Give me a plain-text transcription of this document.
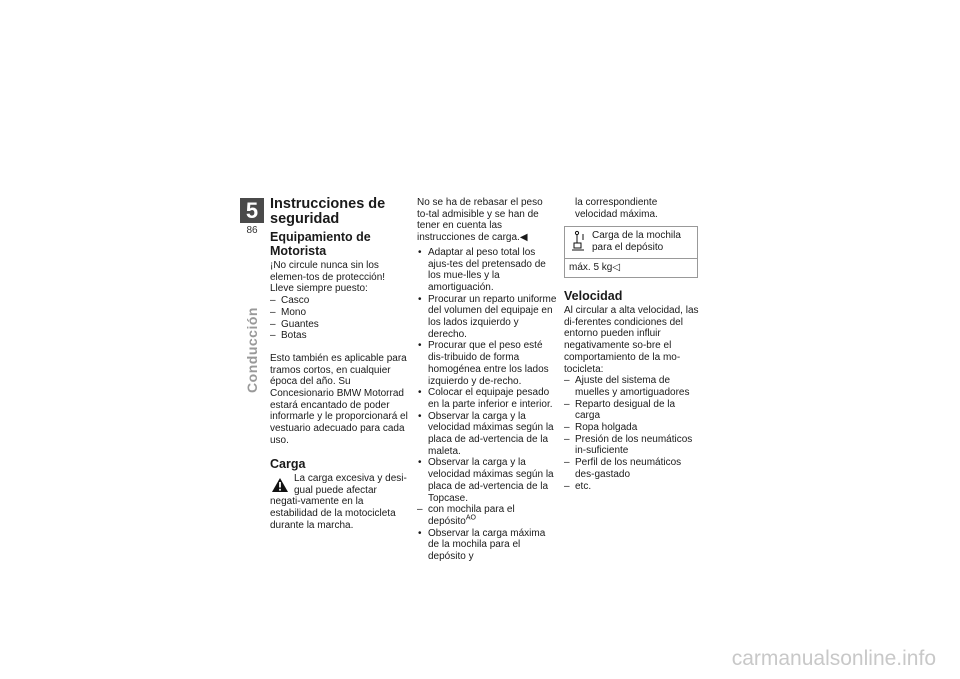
5
86
Conducción
Instrucciones de seguridad
Equipamiento de Motorista

¡No circule nunca sin los elemen-tos de protección! Lleve siempre puesto:

– Casco
– Mono
– Guantes
– Botas

Esto también es aplicable para tramos cortos, en cualquier época del año. Su Concesionario BMW Motorrad estará encantado de poder informarle y le proporcionará el vestuario adecuado para cada uso.

Carga

La carga excesiva y desi-gual puede afectar negati-vamente en la estabilidad de la motocicleta durante la marcha.

No se ha de rebasar el peso to-tal admisible y se han de tener en cuenta las instrucciones de carga.◀

• Adaptar al peso total los ajus-tes del pretensado de los mue-lles y la amortiguación.
• Procurar un reparto uniforme del volumen del equipaje en los lados izquierdo y derecho.
• Procurar que el peso esté dis-tribuido de forma homogénea entre los lados izquierdo y de-recho.
• Colocar el equipaje pesado en la parte inferior e interior.
• Observar la carga y la velocidad máximas según la placa de ad-vertencia de la maleta.
• Observar la carga y la velocidad máximas según la placa de ad-vertencia de la Topcase.
– con mochila para el depósito$^{AO}$
• Observar la carga máxima de la mochila para el depósito y

la correspondiente velocidad máxima.

Carga de la mochila para el depósito
máx. 5 kg◁
Velocidad

Al circular a alta velocidad, las di-ferentes condiciones del entorno pueden influir negativamente so-bre el comportamiento de la mo-tocicleta:

– Ajuste del sistema de muelles y amortiguadores
– Reparto desigual de la carga
– Ropa holgada
– Presión de los neumáticos in-suficiente
– Perfil de los neumáticos des-gastado
– etc.
carmanualsonline.info
